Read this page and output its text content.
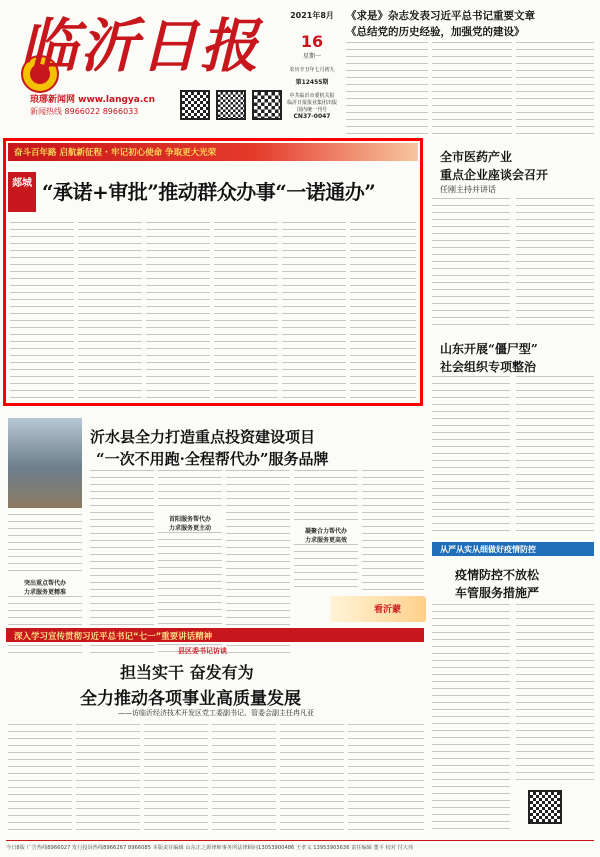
临沂日报
琅琊新闻网 www.langya.cn
新闻热线 8966022 8966033
2021年8月
16
星期一
农历辛丑年七月初九
第12455期
中共临沂市委机关报
临沂日报报业集团出版
国内统一刊号
CN37-0047
《求是》杂志发表习近平总书记重要文章
《总结党的历史经验，加强党的建设》
奋斗百年路 启航新征程 · 牢记初心使命 争取更大光荣
郯城 “承诺+审批”推动群众办事“一诺通办”
全市医药产业
重点企业座谈会召开
任刚主持并讲话
山东开展“僵尸型”
社会组织专项整治
从严从实从细做好疫情防控
疫情防控不放松
车管服务措施严
沂水县全力打造重点投资建设项目
“一次不用跑·全程帮代办”服务品牌
突出重点帮代办
力求服务更精准
首阳服务帮代办
力求服务更主动	凝聚合力帮代办
力求服务更高效
看沂蒙
深入学习宣传贯彻习近平总书记“七一”重要讲话精神
县区委书记访谈
担当实干 奋发有为
全力推动各项事业高质量发展
——访临沂经济技术开发区党工委副书记、管委会副主任冉凡亚
今日8版 广告热线8966027 发行投诉热线8966267 8966085 本版责任编辑 山东正之源律师事务所法律顾问13053900486 王孝义 13953903636 责任编辑 董平 校对 付大伟
